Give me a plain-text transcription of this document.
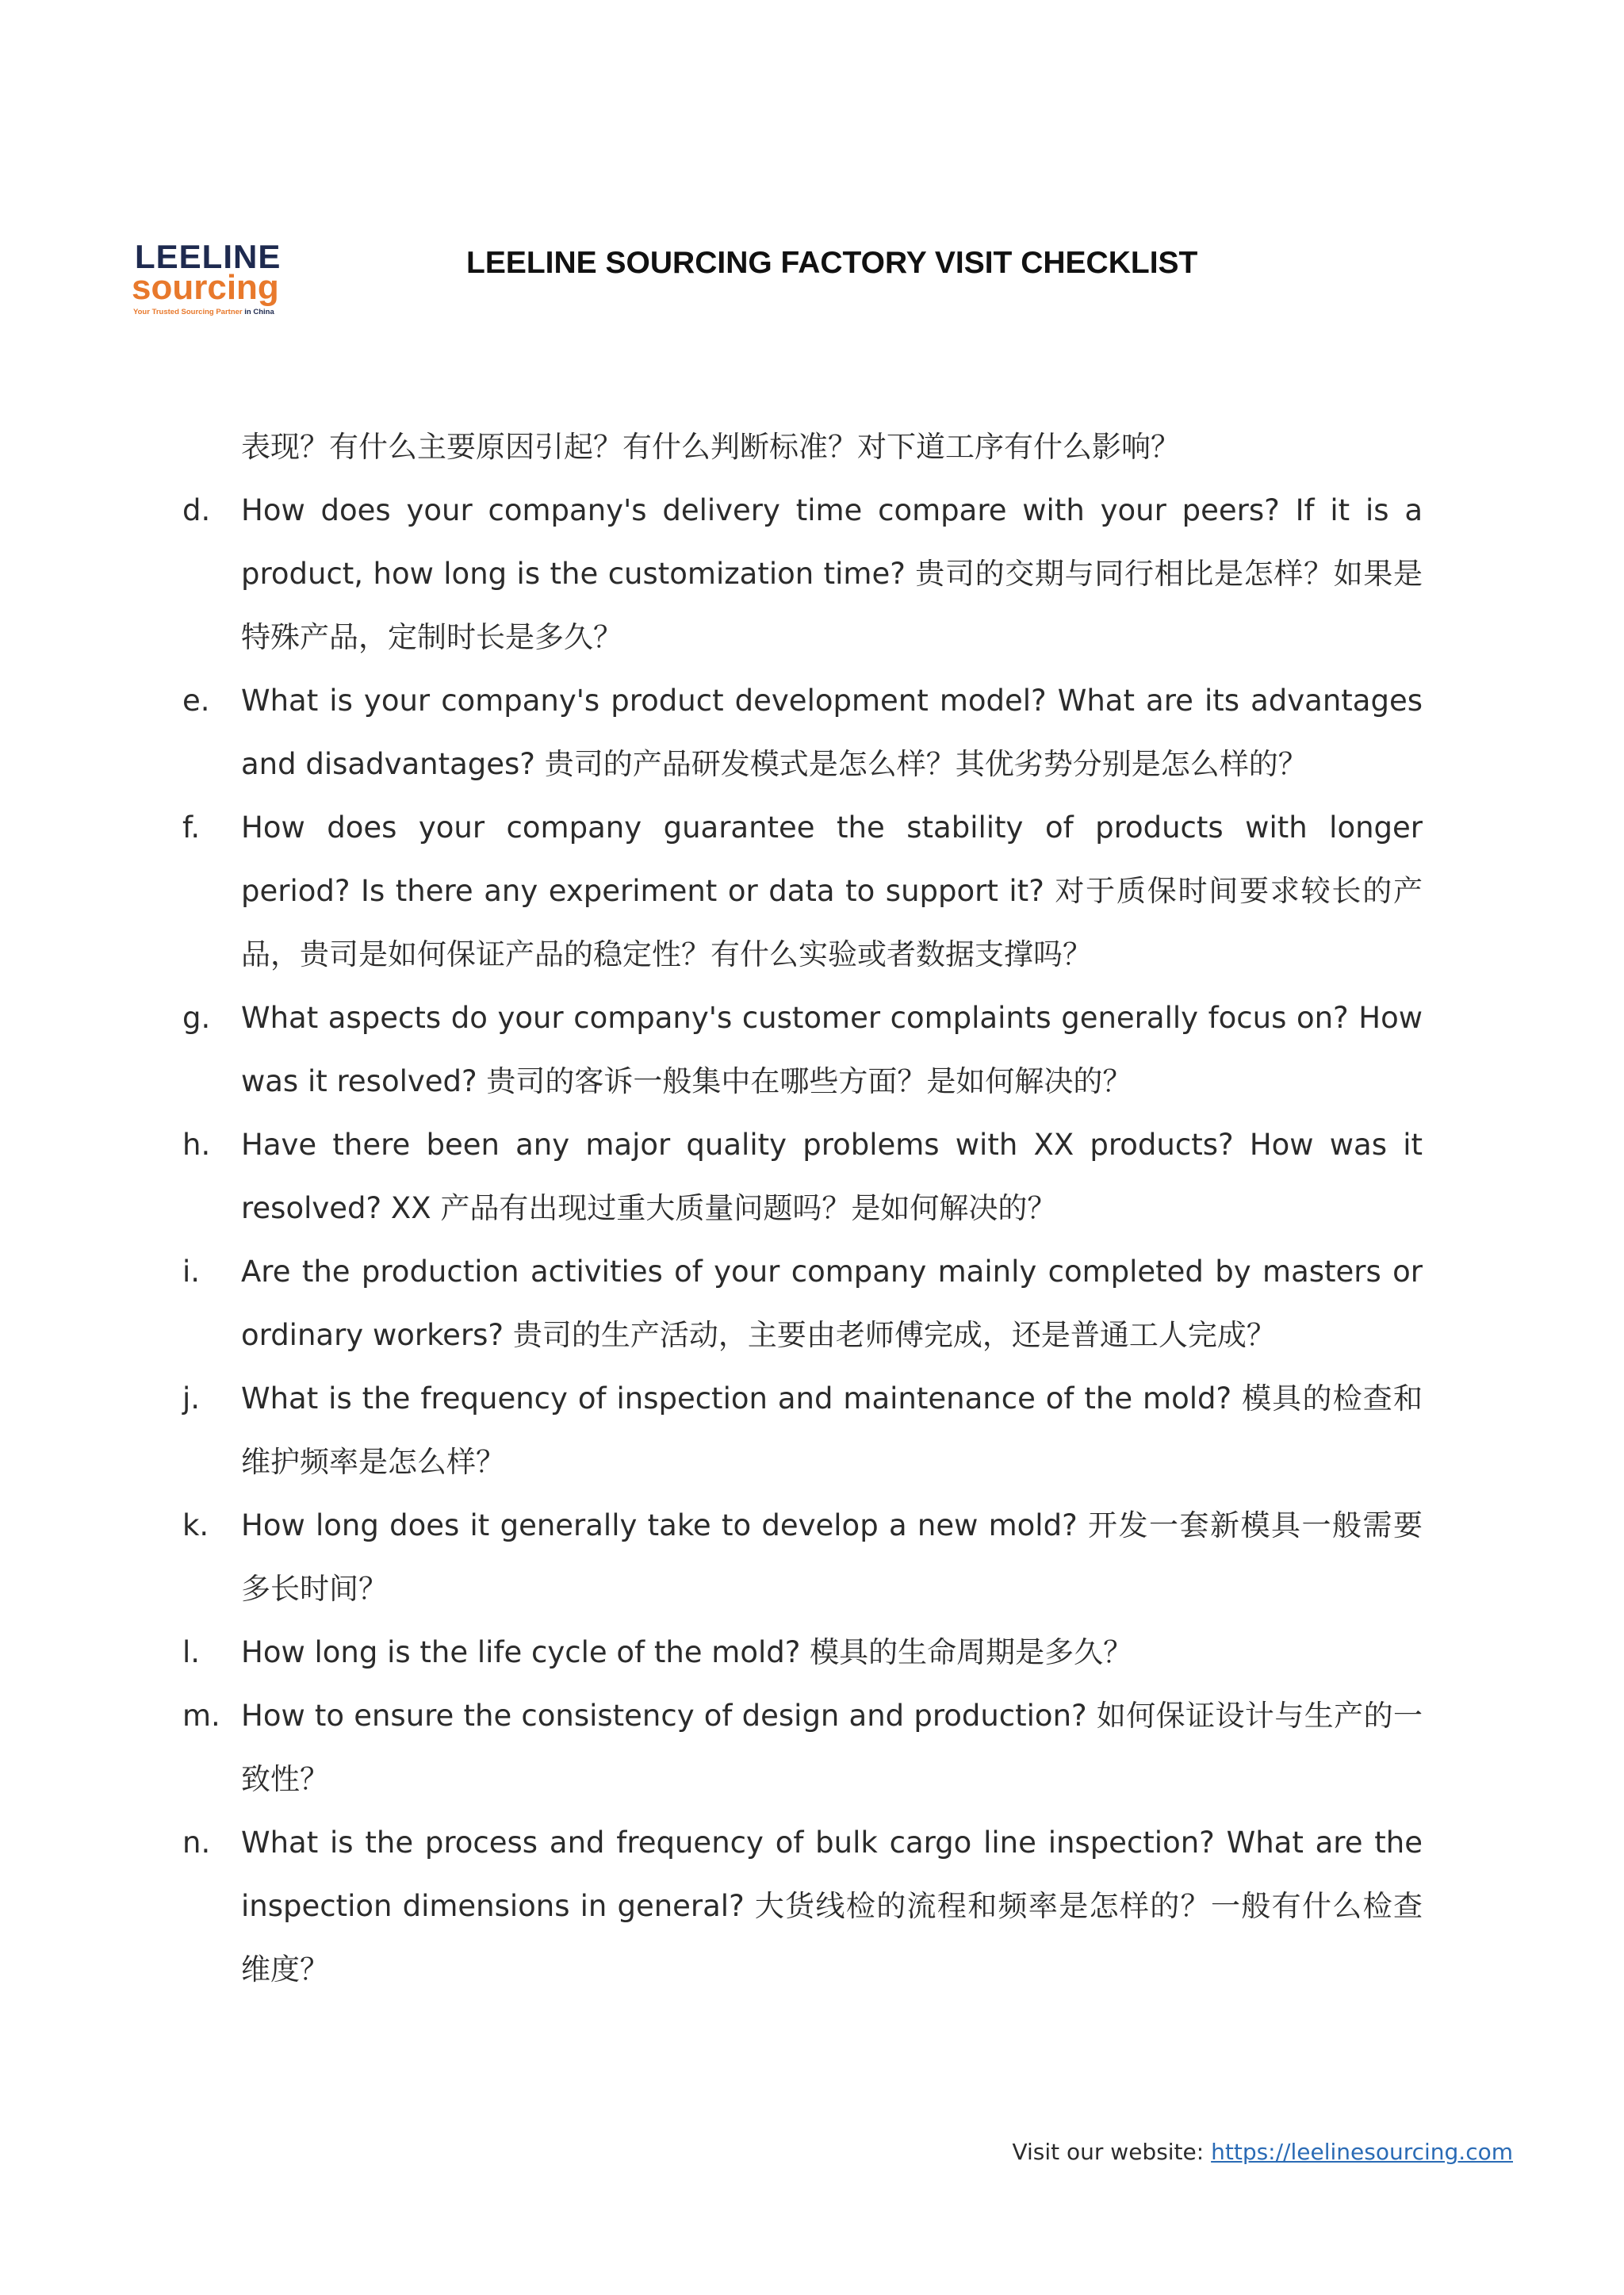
LEELINE
sourcing
Your Trusted Sourcing Partner in China
LEELINE SOURCING FACTORY VISIT CHECKLIST
表现？有什么主要原因引起？有什么判断标准？对下道工序有什么影响？
d.	How does your company's delivery time compare with your peers? If it is a
product, how long is the customization time? 贵司的交期与同行相比是怎样？如果是
特殊产品，定制时长是多久？
e.	What is your company's product development model? What are its advantages
and disadvantages? 贵司的产品研发模式是怎么样？其优劣势分别是怎么样的？
f.	How does your company guarantee the stability of products with longer
period? Is there any experiment or data to support it? 对于质保时间要求较长的产
品，贵司是如何保证产品的稳定性？有什么实验或者数据支撑吗？
g.	What aspects do your company's customer complaints generally focus on? How
was it resolved? 贵司的客诉一般集中在哪些方面？是如何解决的？
h.	Have there been any major quality problems with XX products? How was it
resolved? XX 产品有出现过重大质量问题吗？是如何解决的？
i.	Are the production activities of your company mainly completed by masters or
ordinary workers? 贵司的生产活动，主要由老师傅完成，还是普通工人完成？
j.	What is the frequency of inspection and maintenance of the mold? 模具的检查和
维护频率是怎么样？
k.	How long does it generally take to develop a new mold? 开发一套新模具一般需要
多长时间？
l.	How long is the life cycle of the mold? 模具的生命周期是多久？
m. How to ensure the consistency of design and production? 如何保证设计与生产的一
致性？
n.	What is the process and frequency of bulk cargo line inspection? What are the
inspection dimensions in general? 大货线检的流程和频率是怎样的？一般有什么检查
维度？
Visit our website: https://leelinesourcing.com
